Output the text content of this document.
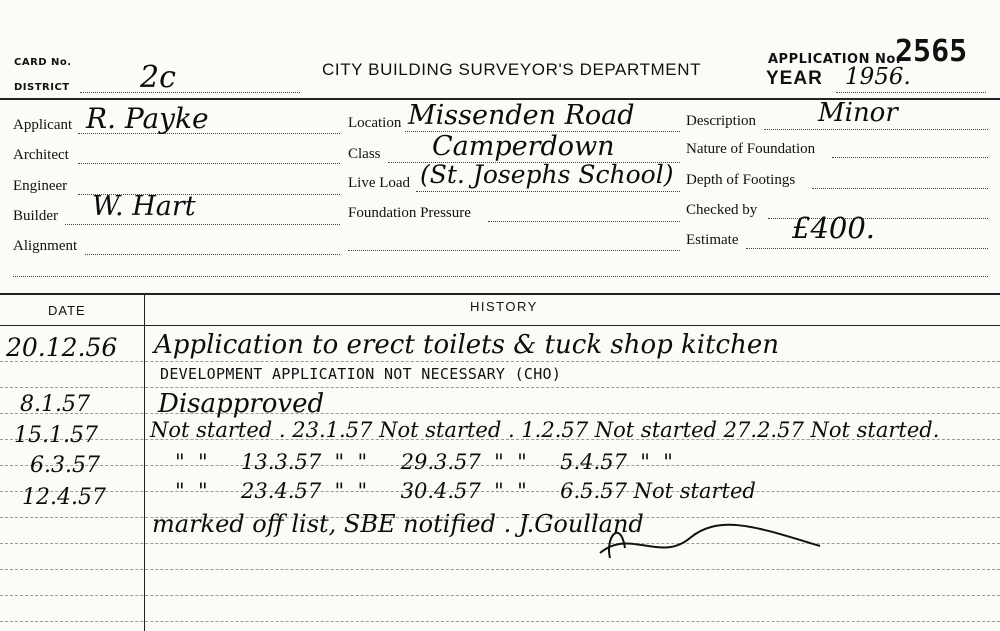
CARD No.
DISTRICT 2c	CITY BUILDING SURVEYOR'S DEPARTMENT
APPLICATION No.
2565
YEAR 1956.
Applicant R. Payke
Architect
Engineer
Builder W. Hart
Alignment
Location Missenden Road
Class Camperdown
Live Load (St. Josephs School)
Foundation Pressure
Description Minor
Nature of Foundation
Depth of Footings
Checked by
Estimate £400.
DATE	HISTORY
20.12.56 Application to erect toilets & tuck shop kitchen
DEVELOPMENT APPLICATION NOT NECESSARY (CHO)
8.1.57	Disapproved
15.1.57 Not started . 23.1.57 Not started . 1.2.57 Not started 27.2.57 Not started.
6.3.57	"  "     13.3.57  "  "     29.3.57  "  "     5.4.57  "  "
12.4.57	"  "     23.4.57  "  "     30.4.57  "  "     6.5.57 Not started
marked off list, SBE notified . J.Goulland
